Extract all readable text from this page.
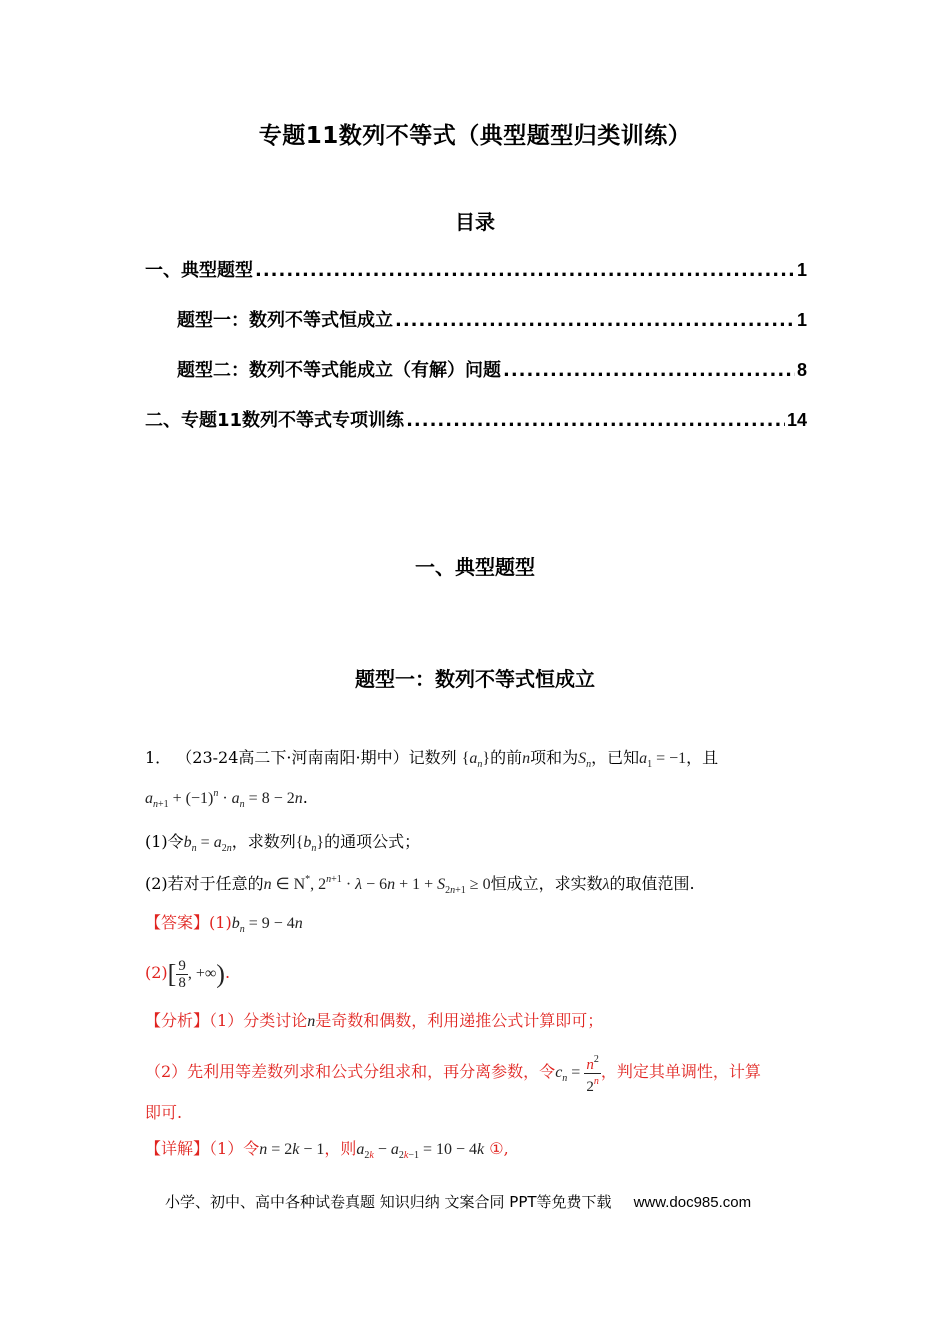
专题11数列不等式（典型题型归类训练）
目录
一、典型题型 .....	1
题型一：数列不等式恒成立 .....	1
题型二：数列不等式能成立（有解）问题 .....	8
二、专题11数列不等式专项训练 .....	14
一、典型题型
题型一：数列不等式恒成立
1． （23-24高二下·河南南阳·期中）记数列 $\{a_n\}$的前n项和为$S_n$，已知$a_1 = -1$，且
$a_{n+1} + (-1)^n \cdot a_n = 8 - 2n$.
(1)令$b_n = a_{2n}$，求数列$\{b_n\}$的通项公式；
(2)若对于任意的n ∈ N*, $2^{n+1} \cdot \lambda - 6n + 1 + S_{2n+1} \ge 0$恒成立，求实数λ的取值范围.
【答案】$(1)b_n = 9 - 4n$
$(2)[ \frac{9}{8}$ , +∞).
【分析】（1）分类讨论n是奇数和偶数，利用递推公式计算即可；
（2）先利用等差数列求和公式分组求和，再分离参数，令$c_n = \frac{n^2}{2^n}$ ，判定其单调性，计算
即可.
【详解】（1）令n = 2k − 1，则$a_{2k} - a_{2k-1} = 10 - 4k$ ①,
小学、初中、高中各种试卷真题 知识归纳 文案合同 PPT等免费下载 www.doc985.com
